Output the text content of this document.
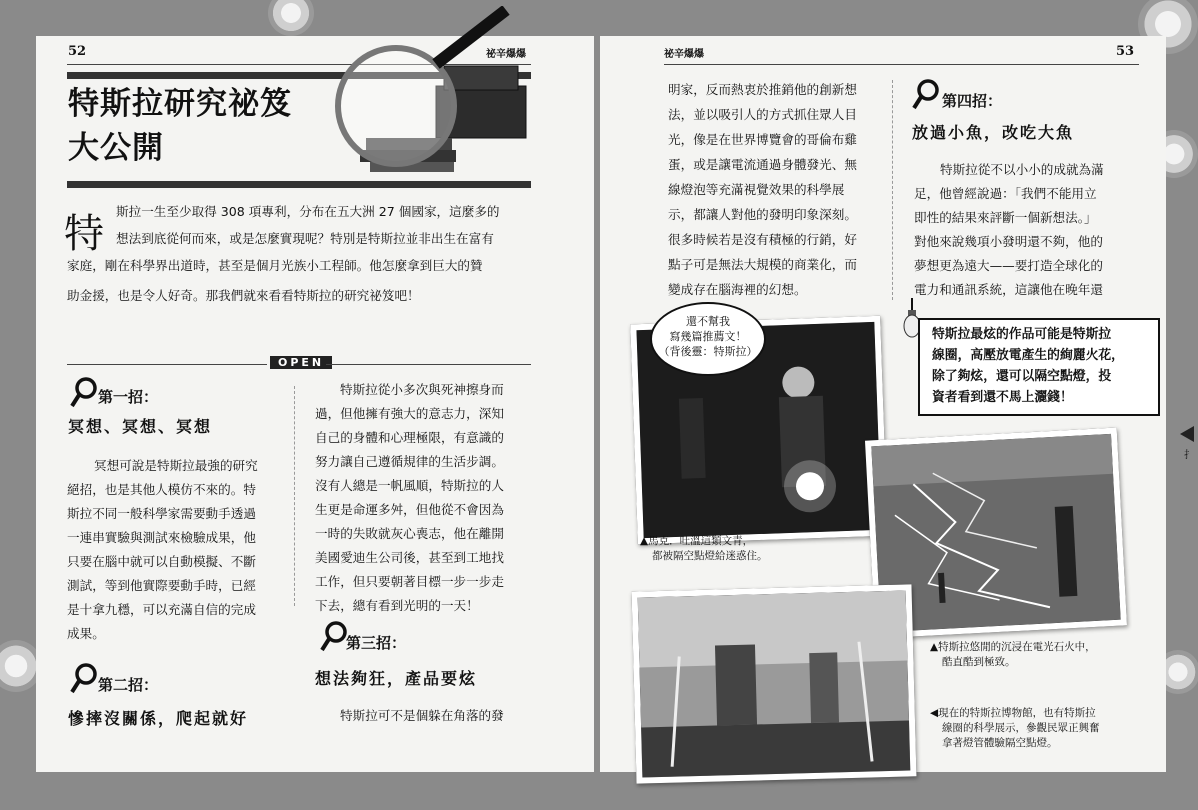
52	祕辛爆爆
特斯拉研究祕笈
大公開
特 斯拉一生至少取得 308 項專利，分布在五大洲 27 個國家，這麼多的
想法到底從何而來，或是怎麼實現呢？特別是特斯拉並非出生在富有
家庭，剛在科學界出道時，甚至是個月光族小工程師。他怎麼拿到巨大的贊
助金援，也是令人好奇。那我們就來看看特斯拉的研究祕笈吧！
OPEN
第一招：
冥想、冥想、冥想
冥想可說是特斯拉最強的研究
絕招，也是其他人模仿不來的。特
斯拉不同一般科學家需要動手透過
一連串實驗與測試來檢驗成果，他
只要在腦中就可以自動模擬、不斷
測試，等到他實際要動手時，已經
是十拿九穩，可以充滿自信的完成
成果。
第二招：
慘摔沒關係，爬起就好
特斯拉從小多次與死神擦身而
過，但他擁有強大的意志力，深知
自己的身體和心理極限，有意識的
努力讓自己遵循規律的生活步調。
沒有人總是一帆風順，特斯拉的人
生更是命運多舛，但他從不會因為
一時的失敗就灰心喪志，他在離開
美國愛迪生公司後，甚至到工地找
工作，但只要朝著目標一步一步走
下去，總有看到光明的一天！
第三招：
想法夠狂，產品要炫
特斯拉可不是個躲在角落的發
祕辛爆爆	53
明家，反而熱衷於推銷他的創新想
法，並以吸引人的方式抓住眾人目
光，像是在世界博覽會的哥倫布雞
蛋，或是讓電流通過身體發光、無
線燈泡等充滿視覺效果的科學展
示，都讓人對他的發明印象深刻。
很多時候若是沒有積極的行銷，好
點子可是無法大規模的商業化，而
變成存在腦海裡的幻想。
第四招：
放過小魚，改吃大魚
特斯拉從不以小小的成就為滿
足，他曾經說過：「我們不能用立
即性的結果來評斷一個新想法。」
對他來說幾項小發明還不夠，他的
夢想更為遠大——要打造全球化的
電力和通訊系統，這讓他在晚年還
特斯拉最炫的作品可能是特斯拉
線圈，高壓放電產生的絢麗火花，
除了夠炫，還可以隔空點燈，投
資者看到還不馬上灑錢！
還不幫我
寫幾篇推薦文！
（背後靈：特斯拉）
▲馬克．吐溫這類文青，
都被隔空點燈給迷惑住。
▲特斯拉悠閒的沉浸在電光石火中，
酷直酷到極致。
◀現在的特斯拉博物館，也有特斯拉
線圈的科學展示，參觀民眾正興奮
拿著燈管體驗隔空點燈。
扌
